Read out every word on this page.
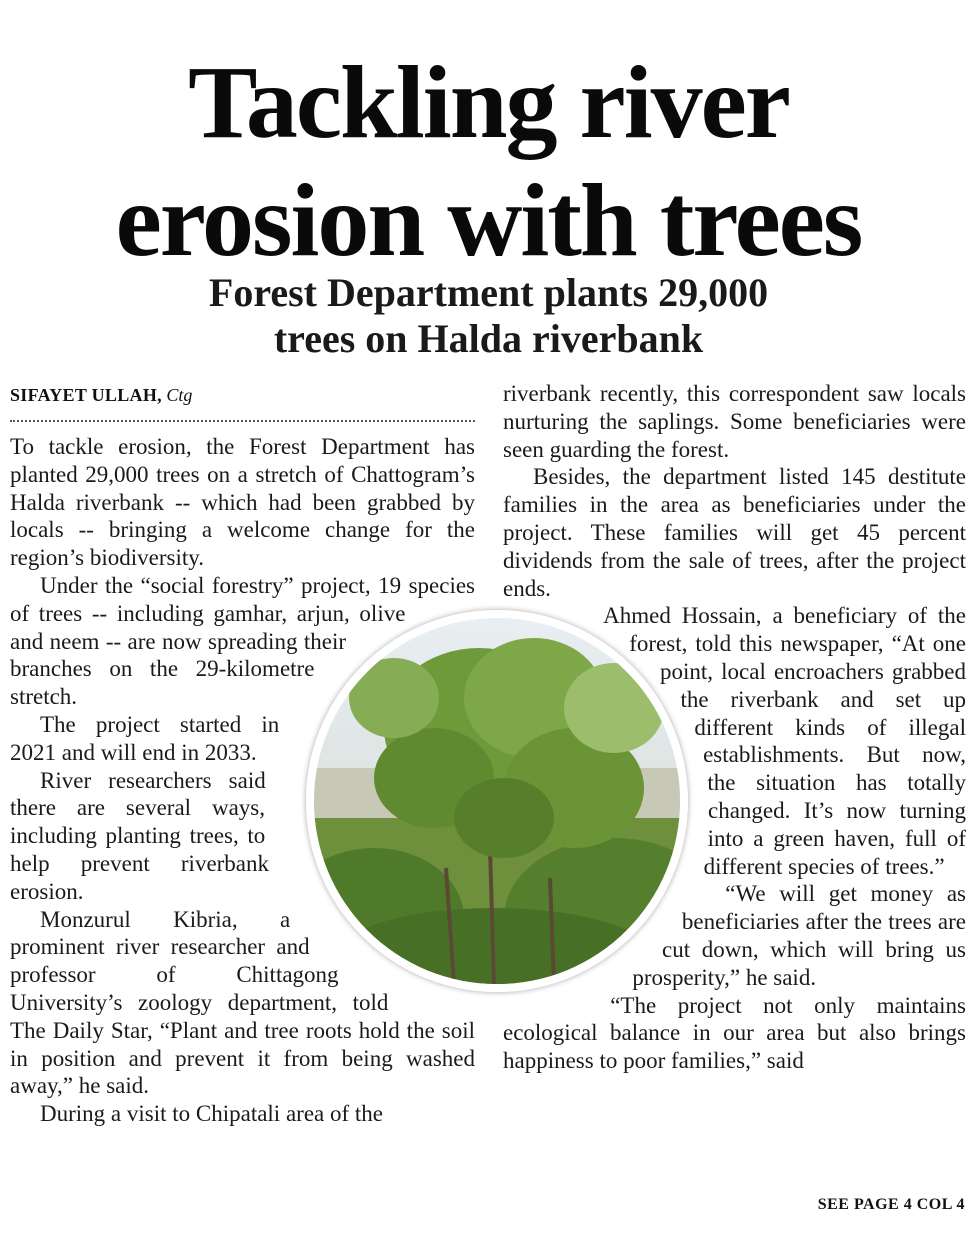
Tackling river
erosion with trees
Forest Department plants 29,000
trees on Halda riverbank
SIFAYET ULLAH, Ctg

To tackle erosion, the Forest Department has planted 29,000 trees on a stretch of Chattogram’s Halda riverbank -- which had been grabbed by locals -- bringing a welcome change for the region’s biodiversity.

Under the “social forestry” project, 19 species of trees -- including gamhar, arjun, olive and neem -- are now spreading their branches on the 29-kilometre stretch.

The project started in 2021 and will end in 2033.

River researchers said there are several ways, including planting trees, to help prevent riverbank erosion.

Monzurul Kibria, a prominent river researcher and professor of Chittagong University’s zoology department, told The Daily Star, “Plant and tree roots hold the soil in position and prevent it from being washed away,” he said.

During a visit to Chipatali area of the

riverbank recently, this correspondent saw locals nurturing the saplings. Some beneficiaries were seen guarding the forest.

Besides, the department listed 145 destitute families in the area as beneficiaries under the project. These families will get 45 percent dividends from the sale of trees, after the project ends.

Ahmed Hossain, a beneficiary of the forest, told this newspaper, “At one point, local encroachers grabbed the riverbank and set up different kinds of illegal establishments. But now, the situation has totally changed. It’s now turning into a green haven, full of different species of trees.”

“We will get money as beneficiaries after the trees are cut down, which will bring us prosperity,” he said.

“The project not only maintains ecological balance in our area but also brings happiness to poor families,” said

SEE PAGE 4 COL 4
